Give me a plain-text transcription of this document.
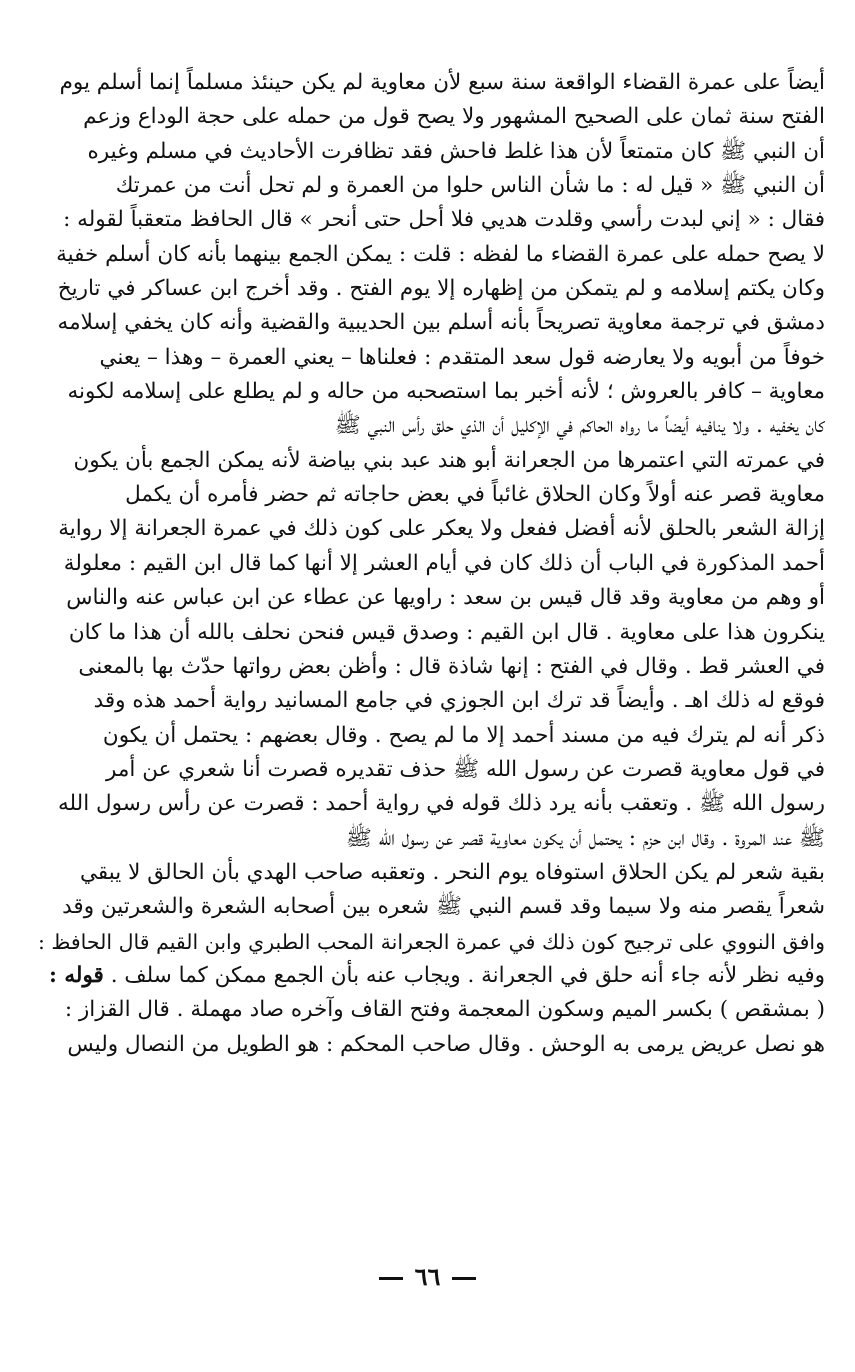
أيضاً على عمرة القضاء الواقعة سنة سبع لأن معاوية لم يكن حينئذ مسلماً إنما أسلم يوم
الفتح سنة ثمان على الصحيح المشهور ولا يصح قول من حمله على حجة الوداع وزعم
أن النبي ﷺ كان متمتعاً لأن هذا غلط فاحش فقد تظافرت الأحاديث في مسلم وغيره
أن النبي ﷺ « قيل له : ما شأن الناس حلوا من العمرة و لم تحل أنت من عمرتك
فقال : « إني لبدت رأسي وقلدت هديي فلا أحل حتى أنحر » قال الحافظ متعقباً لقوله :
لا يصح حمله على عمرة القضاء ما لفظه : قلت : يمكن الجمع بينهما بأنه كان أسلم خفية
وكان يكتم إسلامه و لم يتمكن من إظهاره إلا يوم الفتح . وقد أخرج ابن عساكر في تاريخ
دمشق في ترجمة معاوية تصريحاً بأنه أسلم بين الحديبية والقضية وأنه كان يخفي إسلامه
خوفاً من أبويه ولا يعارضه قول سعد المتقدم : فعلناها – يعني العمرة – وهذا – يعني
معاوية – كافر بالعروش ؛ لأنه أخبر بما استصحبه من حاله و لم يطلع على إسلامه لكونه
كان يخفيه . ولا ينافيه أيضاً ما رواه الحاكم في الإكليل أن الذي حلق رأس النبي ﷺ
في عمرته التي اعتمرها من الجعرانة أبو هند عبد بني بياضة لأنه يمكن الجمع بأن يكون
معاوية قصر عنه أولاً وكان الحلاق غائباً في بعض حاجاته ثم حضر فأمره أن يكمل
إزالة الشعر بالحلق لأنه أفضل ففعل ولا يعكر على كون ذلك في عمرة الجعرانة إلا رواية
أحمد المذكورة في الباب أن ذلك كان في أيام العشر إلا أنها كما قال ابن القيم : معلولة
أو وهم من معاوية وقد قال قيس بن سعد : راويها عن عطاء عن ابن عباس عنه والناس
ينكرون هذا على معاوية . قال ابن القيم : وصدق قيس فنحن نحلف بالله أن هذا ما كان
في العشر قط . وقال في الفتح : إنها شاذة قال : وأظن بعض رواتها حدّث بها بالمعنى
فوقع له ذلك اهـ . وأيضاً قد ترك ابن الجوزي في جامع المسانيد رواية أحمد هذه وقد
ذكر أنه لم يترك فيه من مسند أحمد إلا ما لم يصح . وقال بعضهم : يحتمل أن يكون
في قول معاوية قصرت عن رسول الله ﷺ حذف تقديره قصرت أنا شعري عن أمر
رسول الله ﷺ . وتعقب بأنه يرد ذلك قوله في رواية أحمد : قصرت عن رأس رسول الله
ﷺ عند المروة . وقال ابن حزم : يحتمل أن يكون معاوية قصر عن رسول الله ﷺ
بقية شعر لم يكن الحلاق استوفاه يوم النحر . وتعقبه صاحب الهدي بأن الحالق لا يبقي
شعراً يقصر منه ولا سيما وقد قسم النبي ﷺ شعره بين أصحابه الشعرة والشعرتين وقد
وافق النووي على ترجيح كون ذلك في عمرة الجعرانة المحب الطبري وابن القيم قال الحافظ :
وفيه نظر لأنه جاء أنه حلق في الجعرانة . ويجاب عنه بأن الجمع ممكن كما سلف . قوله :
( بمشقص ) بكسر الميم وسكون المعجمة وفتح القاف وآخره صاد مهملة . قال القزاز :
هو نصل عريض يرمى به الوحش . وقال صاحب المحكم : هو الطويل من النصال وليس
٦٦
